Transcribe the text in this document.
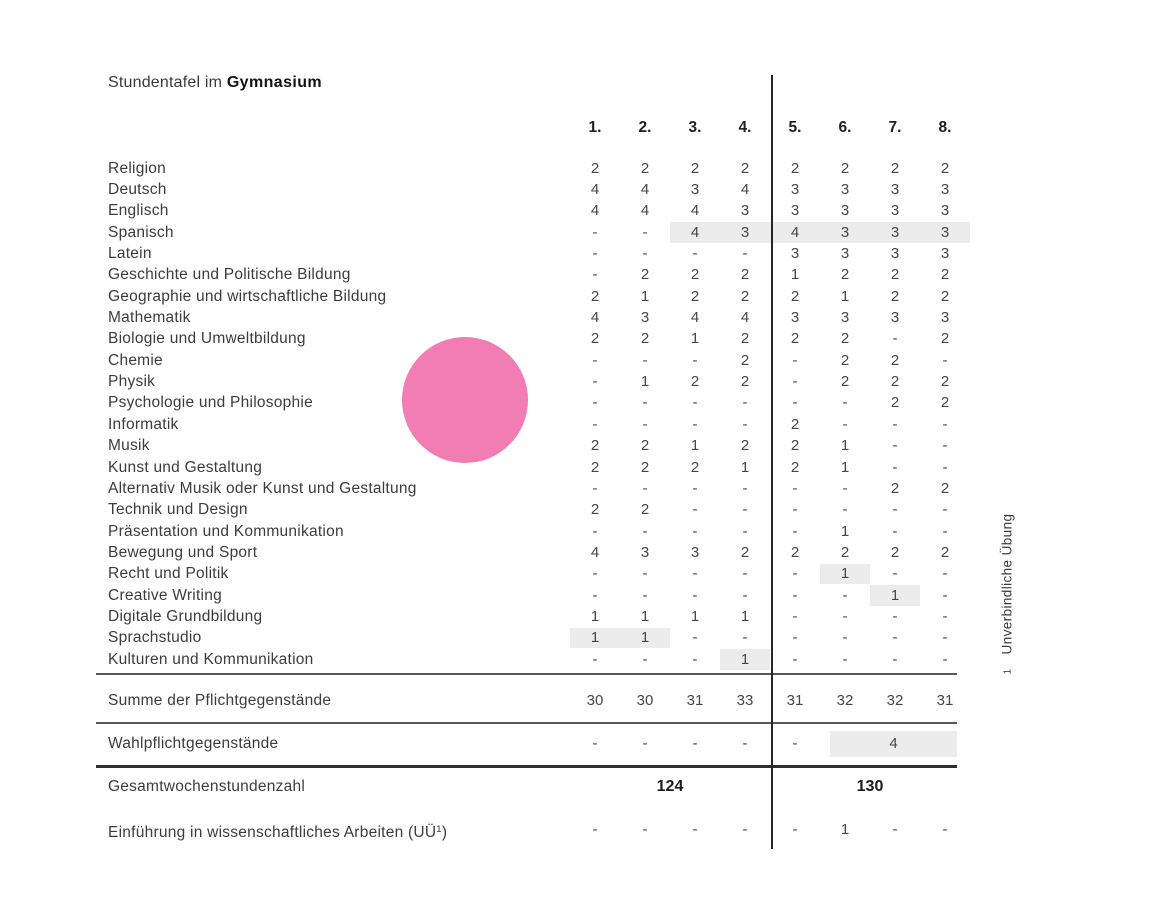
Stundentafel im Gymnasium
1.	2.	3.	4.	5.	6.	7.	8.
Religion	2	2	2	2	2	2	2	2
Deutsch	4	4	3	4	3	3	3	3
Englisch	4	4	4	3	3	3	3	3
Spanisch	-	-	4	3	4	3	3	3
Latein	-	-	-	-	3	3	3	3
Geschichte und Politische Bildung	-	2	2	2	1	2	2	2
Geographie und wirtschaftliche Bildung	2	1	2	2	2	1	2	2
Mathematik	4	3	4	4	3	3	3	3
Biologie und Umweltbildung	2	2	1	2	2	2	-	2
Chemie	-	-	-	2	-	2	2	-
Physik	-	1	2	2	-	2	2	2
Psychologie und Philosophie	-	-	-	-	-	-	2	2
Informatik	-	-	-	-	2	-	-	-
Musik	2	2	1	2	2	1	-	-
Kunst und Gestaltung	2	2	2	1	2	1	-	-
Alternativ Musik oder Kunst und Gestaltung	-	-	-	-	-	-	2	2
Technik und Design	2	2	-	-	-	-	-	-
Präsentation und Kommunikation	-	-	-	-	-	1	-	-
Bewegung und Sport	4	3	3	2	2	2	2	2
Recht und Politik	-	-	-	-	-	1	-	-
Creative Writing	-	-	-	-	-	-	1	-
Digitale Grundbildung	1	1	1	1	-	-	-	-
Sprachstudio	1	1	-	-	-	-	-	-
Kulturen und Kommunikation	-	-	-	1	-	-	-	-
Summe der Pflichtgegenstände	30	30	31	33	31	32	32	31
Wahlpflichtgegenstände	-	-	-	-	-	4
Gesamtwochenstundenzahl	124	130
Einführung in wissenschaftliches Arbeiten $(UÜ^1)$	-	-	-	-	-	1	-	-
1Unverbindliche Übung
